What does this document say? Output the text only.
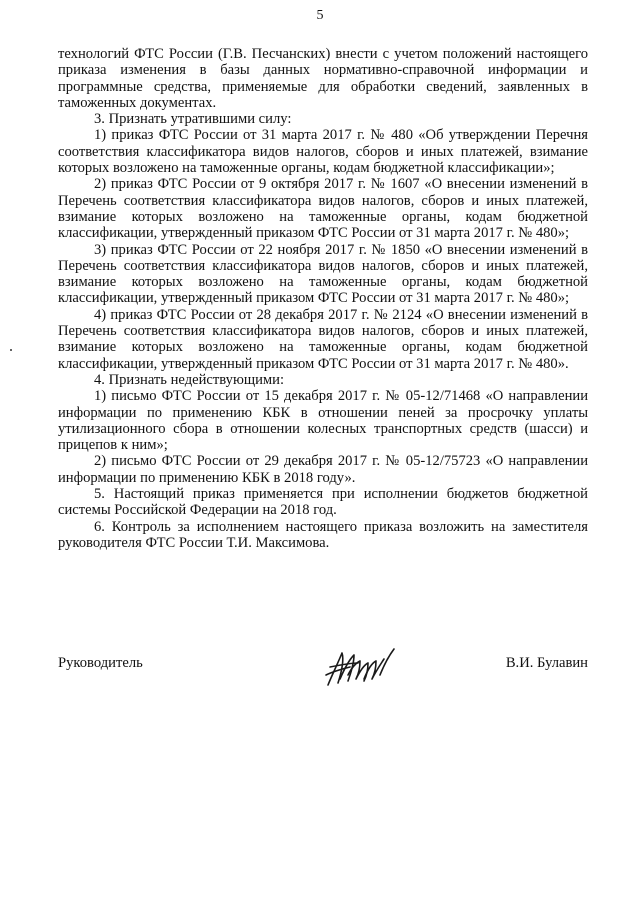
5

технологий ФТС России (Г.В. Песчанских) внести с учетом положений настоящего приказа изменения в базы данных нормативно-справочной информации и программные средства, применяемые для обработки сведений, заявленных в таможенных документах.

3. Признать утратившими силу:

1) приказ ФТС России от 31 марта 2017 г. № 480 «Об утверждении Перечня соответствия классификатора видов налогов, сборов и иных платежей, взимание которых возложено на таможенные органы, кодам бюджетной классификации»;

2) приказ ФТС России от 9 октября 2017 г. № 1607 «О внесении изменений в Перечень соответствия классификатора видов налогов, сборов и иных платежей, взимание которых возложено на таможенные органы, кодам бюджетной классификации, утвержденный приказом ФТС России от 31 марта 2017 г. № 480»;

3) приказ ФТС России от 22 ноября 2017 г. № 1850 «О внесении изменений в Перечень соответствия классификатора видов налогов, сборов и иных платежей, взимание которых возложено на таможенные органы, кодам бюджетной классификации, утвержденный приказом ФТС России от 31 марта 2017 г. № 480»;

4) приказ ФТС России от 28 декабря 2017 г. № 2124 «О внесении изменений в Перечень соответствия классификатора видов налогов, сборов и иных платежей, взимание которых возложено на таможенные органы, кодам бюджетной классификации, утвержденный приказом ФТС России от 31 марта 2017 г. № 480».

4. Признать недействующими:

1) письмо ФТС России от 15 декабря 2017 г. № 05-12/71468 «О направлении информации по применению КБК в отношении пеней за просрочку уплаты утилизационного сбора в отношении колесных транспортных средств (шасси) и прицепов к ним»;

2) письмо ФТС России от 29 декабря 2017 г. № 05-12/75723 «О направлении информации по применению КБК в 2018 году».

5. Настоящий приказ применяется при исполнении бюджетов бюджетной системы Российской Федерации на 2018 год.

6. Контроль за исполнением настоящего приказа возложить на заместителя руководителя ФТС России Т.И. Максимова.

Руководитель	В.И. Булавин
